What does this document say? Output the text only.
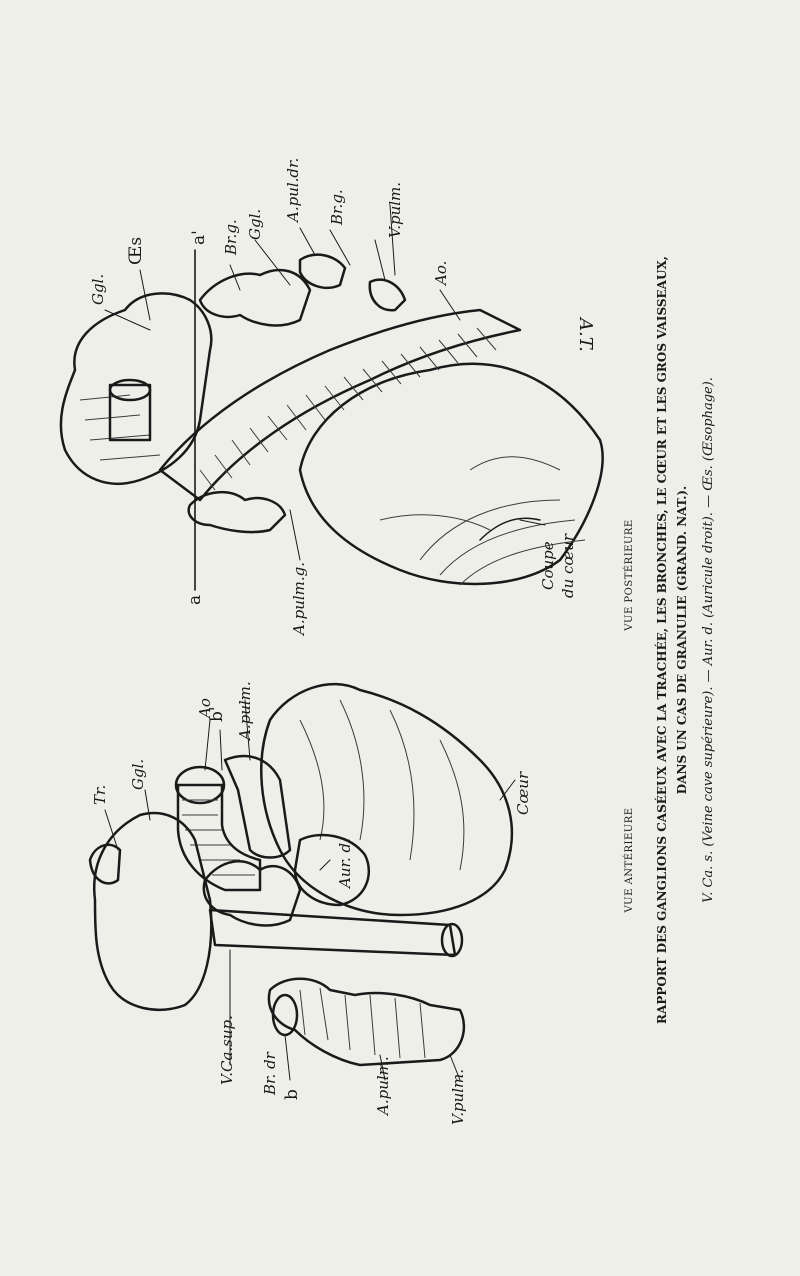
Ggl.
Œs	a' Br.g. Ggl.
A.pul.dr. Br.g.	V.pulm.
Ao.
a	A.pulm.g.	Coupe du cœur
A.T.
Tr.
Ggl.
Ao
b' A.pulm.
Cœur
Aur. d.
V.Ca.sup. Br. dr b	A.pulm.	V.pulm.
VUE POSTÉRIEURE
VUE ANTÉRIEURE RAPPORT DES GANGLIONS CASÉEUX AVEC LA TRACHÉE, LES BRONCHES, LE CŒUR ET LES GROS VAISSEAUX, DANS UN CAS DE GRANULIE (GRAND. NAT.). V. Ca. s. (Veine cave supérieure). — Aur. d. (Auricule droit). — Œs. (Œsophage).
